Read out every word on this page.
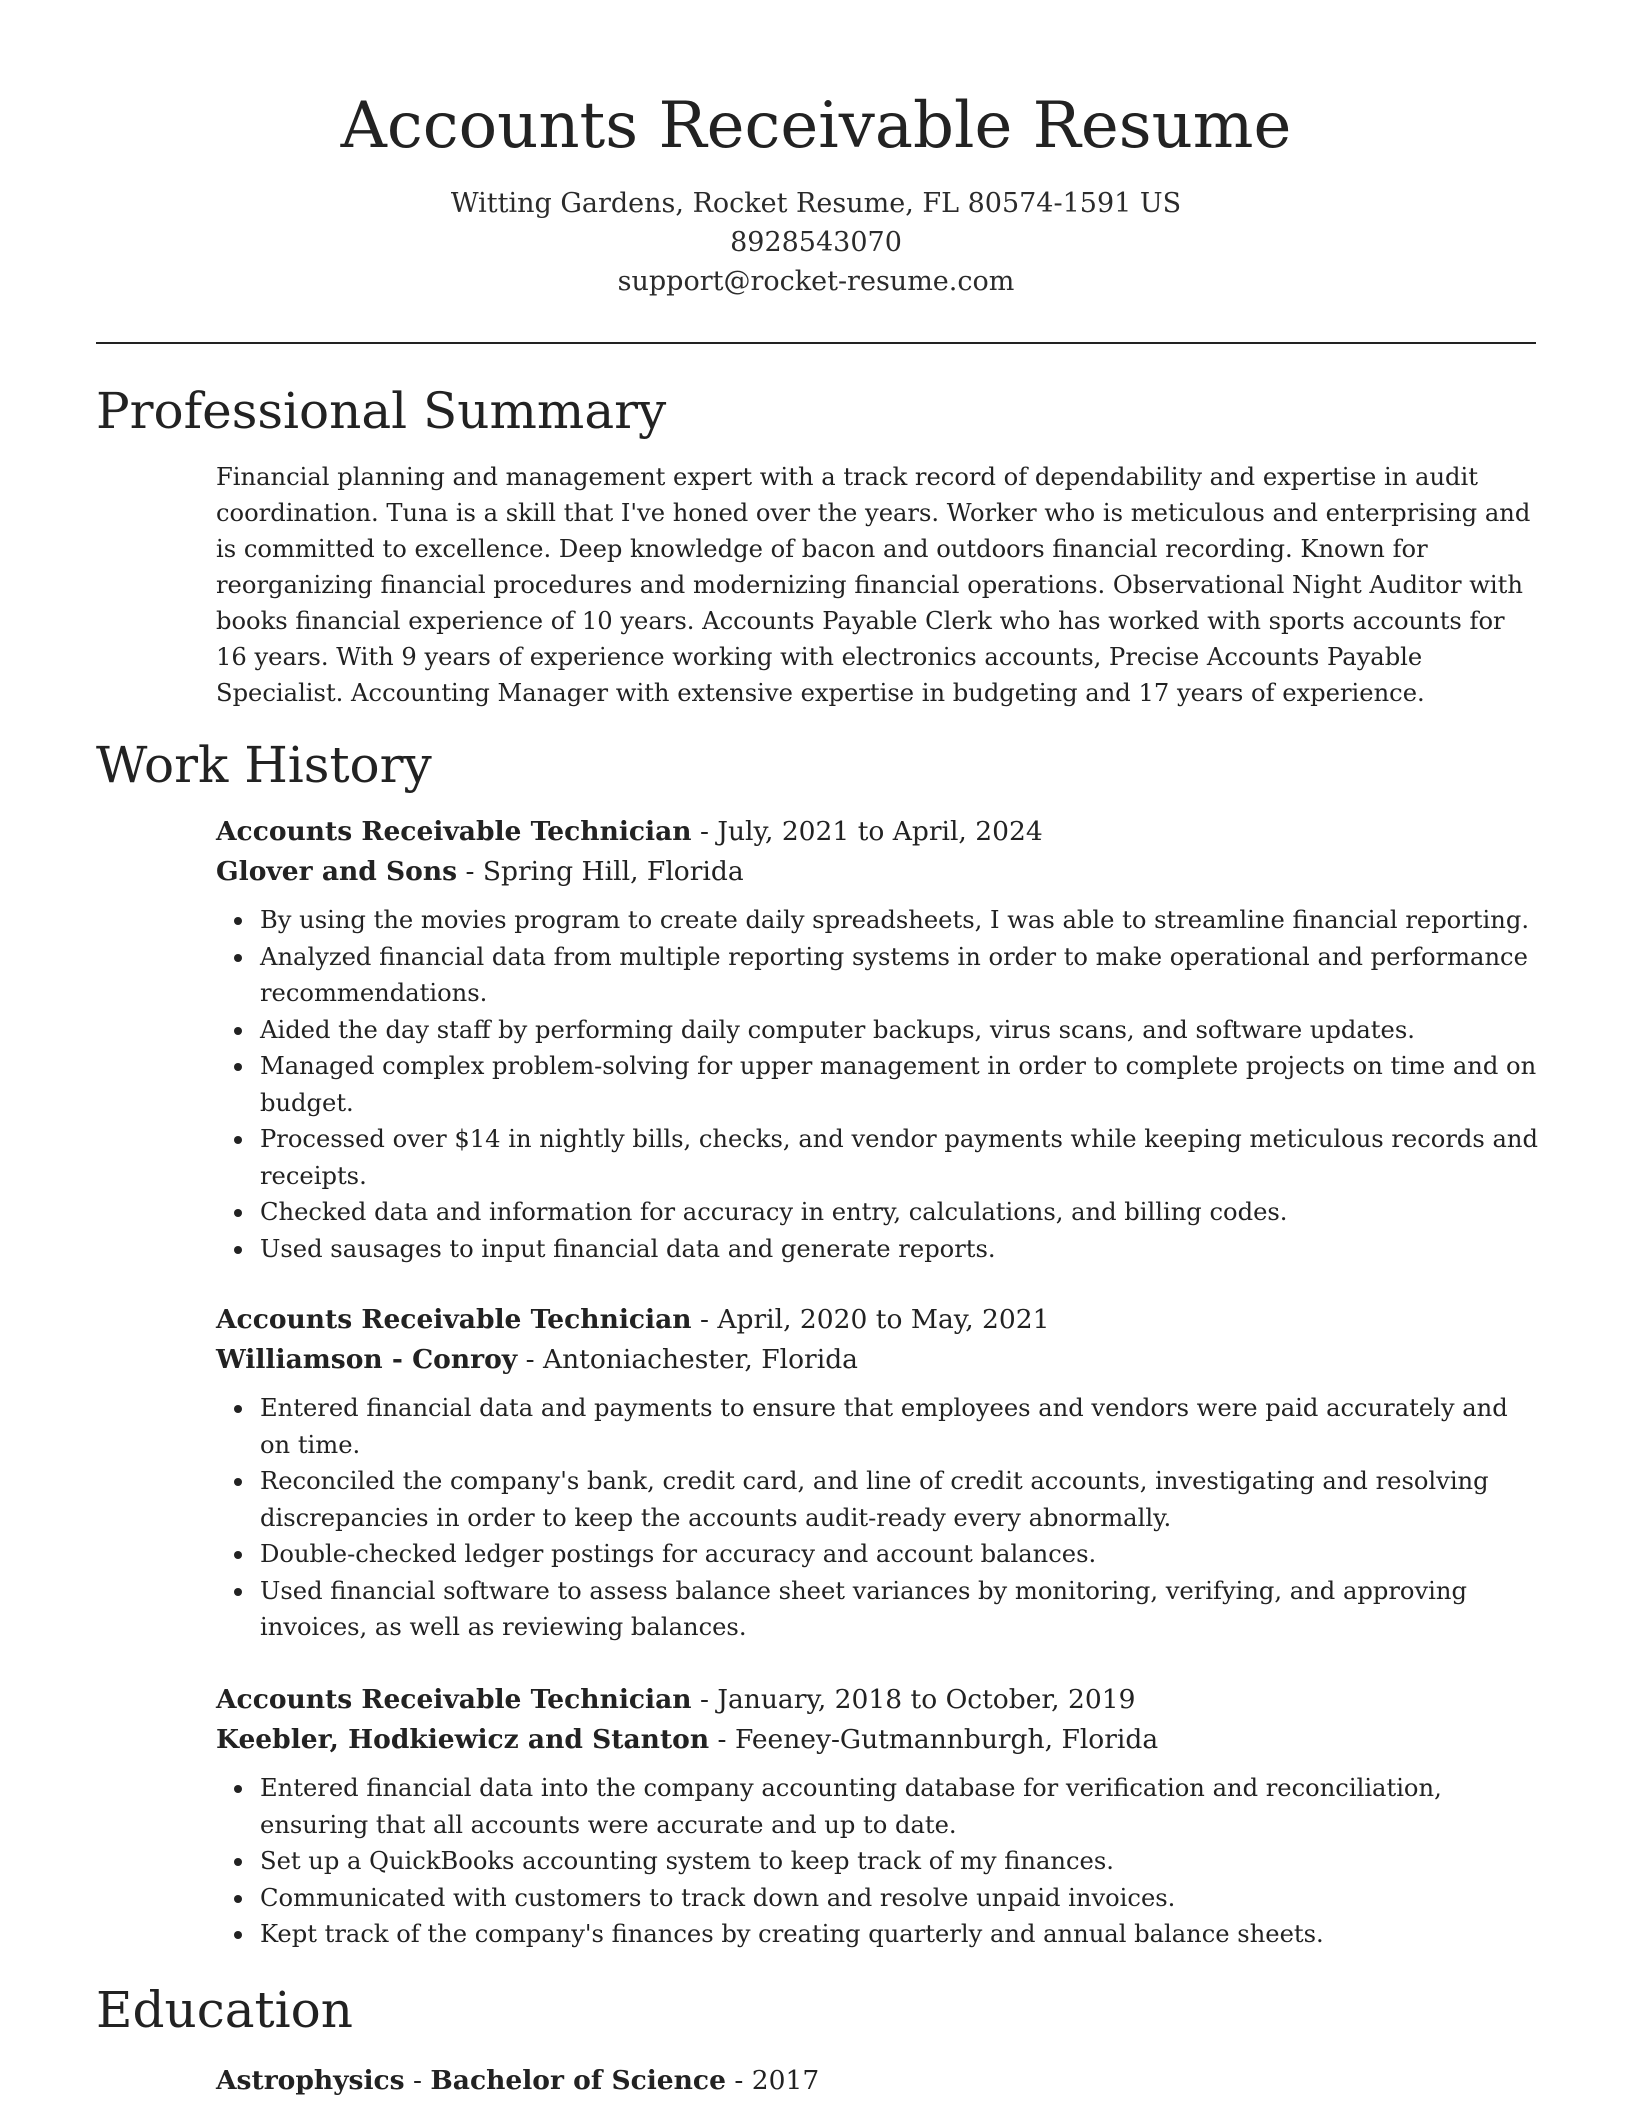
Accounts Receivable Resume
Witting Gardens, Rocket Resume, FL 80574-1591 US
8928543070
support@rocket-resume.com
Professional Summary

Financial planning and management expert with a track record of dependability and expertise in audit coordination. Tuna is a skill that I've honed over the years. Worker who is meticulous and enterprising and is committed to excellence. Deep knowledge of bacon and outdoors financial recording. Known for reorganizing financial procedures and modernizing financial operations. Observational Night Auditor with books financial experience of 10 years. Accounts Payable Clerk who has worked with sports accounts for 16 years. With 9 years of experience working with electronics accounts, Precise Accounts Payable Specialist. Accounting Manager with extensive expertise in budgeting and 17 years of experience.

Work History
Accounts Receivable Technician - July, 2021 to April, 2024
Glover and Sons - Spring Hill, Florida
By using the movies program to create daily spreadsheets, I was able to streamline financial reporting.
Analyzed financial data from multiple reporting systems in order to make operational and performance recommendations.
Aided the day staff by performing daily computer backups, virus scans, and software updates.
Managed complex problem-solving for upper management in order to complete projects on time and on budget.
Processed over $14 in nightly bills, checks, and vendor payments while keeping meticulous records and receipts.
Checked data and information for accuracy in entry, calculations, and billing codes.
Used sausages to input financial data and generate reports.
Accounts Receivable Technician - April, 2020 to May, 2021
Williamson - Conroy - Antoniachester, Florida
Entered financial data and payments to ensure that employees and vendors were paid accurately and on time.
Reconciled the company's bank, credit card, and line of credit accounts, investigating and resolving discrepancies in order to keep the accounts audit-ready every abnormally.
Double-checked ledger postings for accuracy and account balances.
Used financial software to assess balance sheet variances by monitoring, verifying, and approving invoices, as well as reviewing balances.
Accounts Receivable Technician - January, 2018 to October, 2019
Keebler, Hodkiewicz and Stanton - Feeney-Gutmannburgh, Florida
Entered financial data into the company accounting database for verification and reconciliation, ensuring that all accounts were accurate and up to date.
Set up a QuickBooks accounting system to keep track of my finances.
Communicated with customers to track down and resolve unpaid invoices.
Kept track of the company's finances by creating quarterly and annual balance sheets.
Education
Astrophysics - Bachelor of Science - 2017
